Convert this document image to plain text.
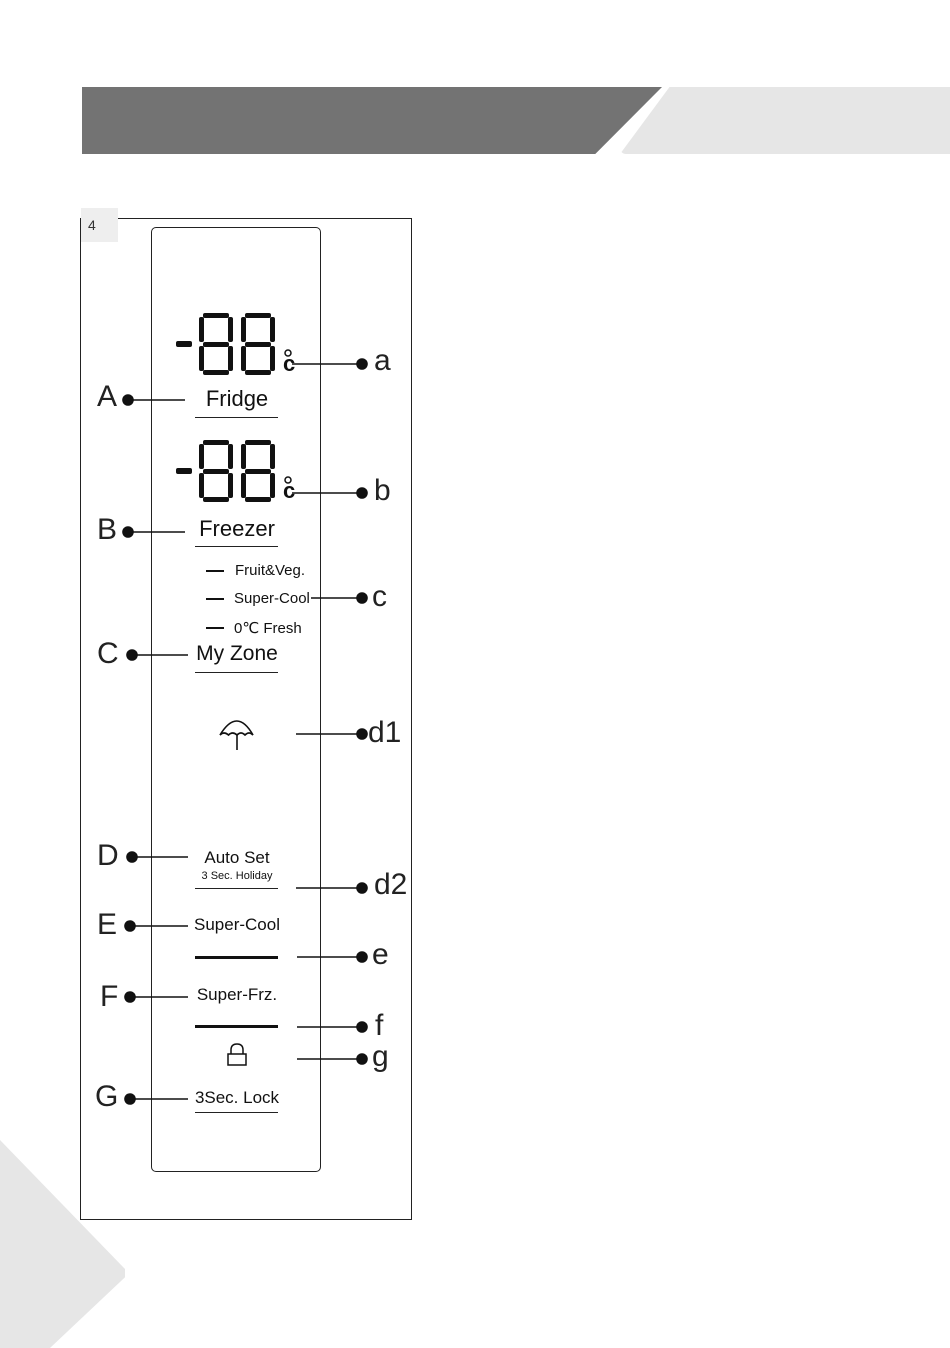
4
c
c
Fridge
Freezer
Fruit&Veg.
Super-Cool
0℃ Fresh
My Zone
Auto Set
3 Sec. Holiday
Super-Cool
Super-Frz.
3Sec. Lock
A
B
C
D
E
F
G
a
b
c
d1
d2
e
f
g
